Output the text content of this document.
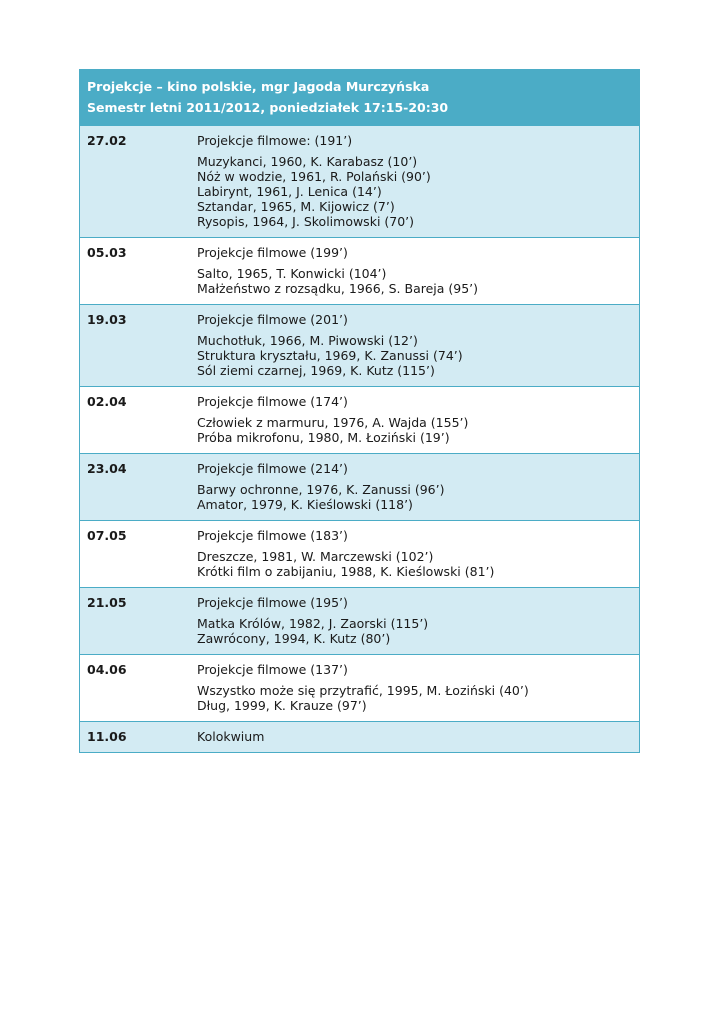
Projekcje – kino polskie, mgr Jagoda Murczyńska
Semestr letni 2011/2012, poniedziałek 17:15-20:30
27.02	Projekcje filmowe: (191’)
Muzykanci, 1960, K. Karabasz (10’)
Nóż w wodzie, 1961, R. Polański (90’)
Labirynt, 1961, J. Lenica (14’)
Sztandar, 1965, M. Kijowicz (7’)
Rysopis, 1964, J. Skolimowski (70’)
05.03	Projekcje filmowe (199’)
Salto, 1965, T. Konwicki (104’)
Małżeństwo z rozsądku, 1966, S. Bareja (95’)
19.03	Projekcje filmowe (201’)
Muchotłuk, 1966, M. Piwowski (12’)
Struktura kryształu, 1969, K. Zanussi (74’)
Sól ziemi czarnej, 1969, K. Kutz (115’)
02.04	Projekcje filmowe (174’)
Człowiek z marmuru, 1976, A. Wajda (155’)
Próba mikrofonu, 1980, M. Łoziński (19’)
23.04	Projekcje filmowe (214’)
Barwy ochronne, 1976, K. Zanussi (96’)
Amator, 1979, K. Kieślowski (118’)
07.05	Projekcje filmowe (183’)
Dreszcze, 1981, W. Marczewski (102’)
Krótki film o zabijaniu, 1988, K. Kieślowski (81’)
21.05	Projekcje filmowe (195’)
Matka Królów, 1982, J. Zaorski (115’)
Zawrócony, 1994, K. Kutz (80’)
04.06	Projekcje filmowe (137’)
Wszystko może się przytrafić, 1995, M. Łoziński (40’)
Dług, 1999, K. Krauze (97’)
11.06	Kolokwium
